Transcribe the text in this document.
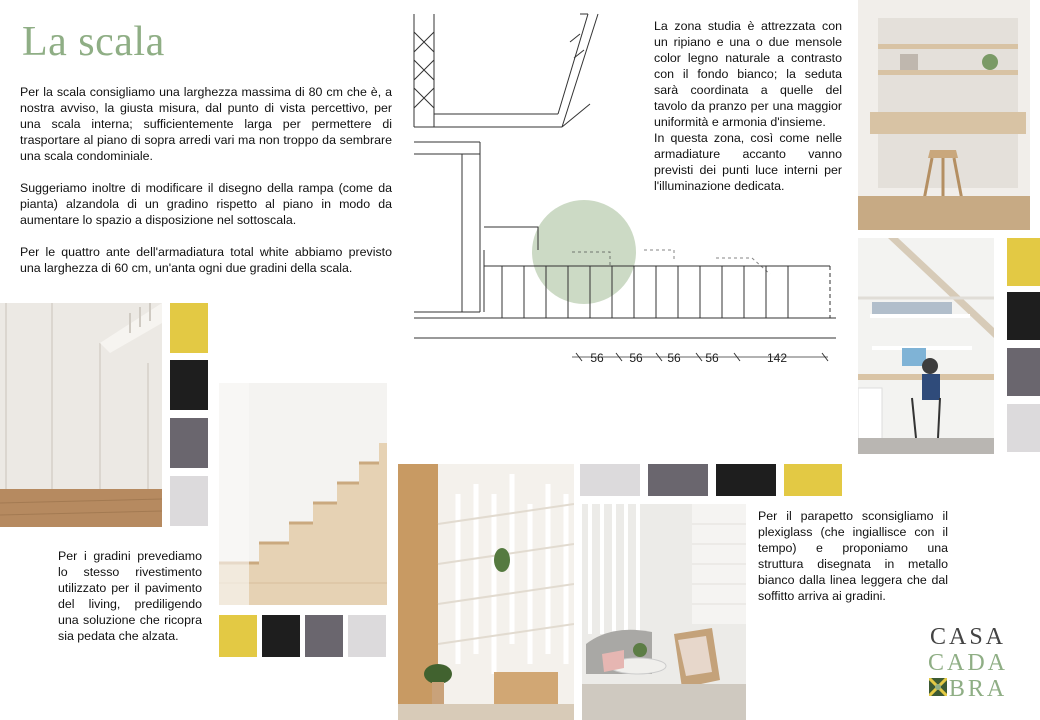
La scala

Per la scala consigliamo una larghezza massima di 80 cm che è, a nostra avviso, la giusta misura, dal punto di vista percettivo, per una scala interna; sufficientemente larga per permettere di trasportare al piano di sopra arredi vari ma non troppo da sembrare una scala condominiale.

Suggeriamo inoltre di modificare il disegno della rampa (come da pianta) alzandola di un gradino rispetto al piano in modo da aumentare lo spazio a disposizione nel sottoscala.

Per le quattro ante dell'armadiatura total white abbiamo previsto una larghezza di 60 cm, un'anta ogni due gradini della scala.

56 56 56 56	142

La zona studia è attrezzata con un ripiano e una o due mensole color legno naturale a contrasto con il fondo bianco; la seduta sarà coordinata a quelle del tavolo da pranzo per una maggior uniformità e armonia d'insieme.

In questa zona, così come nelle armadiature accanto vanno previsti dei punti luce interni per l'illuminazione dedicata.

Per i gradini prevediamo lo stesso rivestimento utilizzato per il pavimento del living, prediligendo una soluzione che ricopra sia pedata che alzata.

Per il parapetto sconsigliamo il plexiglass (che ingiallisce con il tempo) e proponiamo una struttura disegnata in metallo bianco dalla linea leggera che dal soffitto arriva ai gradini.

CASA
CADA
BRA
